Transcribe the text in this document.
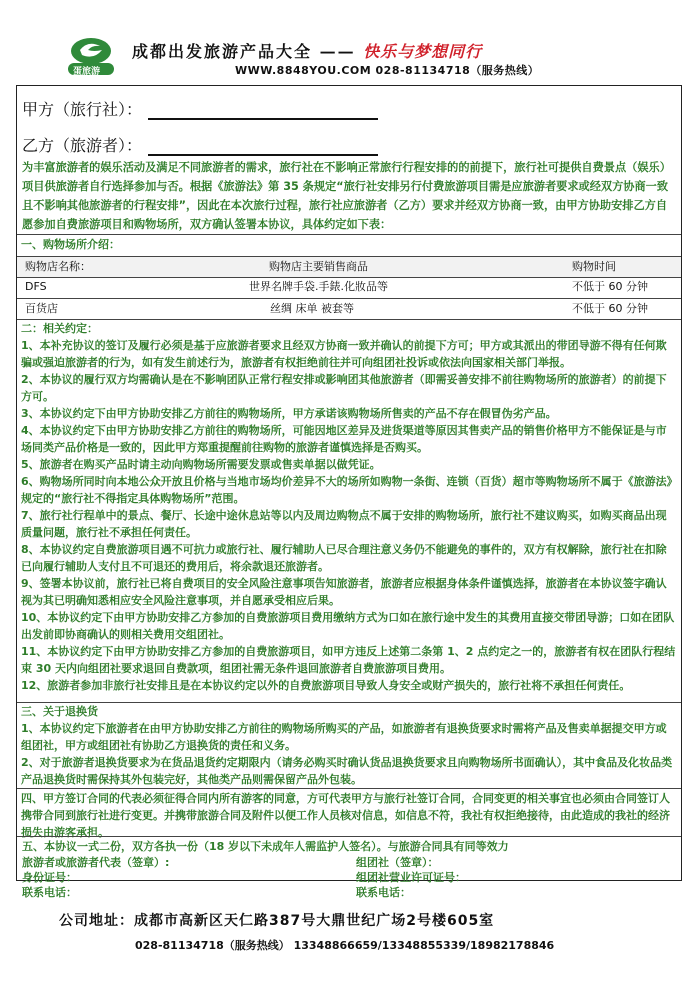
蛋旅游
成都出发旅游产品大全 —— 快乐与梦想同行
WWW.8848YOU.COM 028-81134718（服务热线）
甲方（旅行社）：
乙方（旅游者）：
为丰富旅游者的娱乐活动及满足不同旅游者的需求，旅行社在不影响正常旅行行程安排的的前提下，旅行社可提供自费景点（娱乐）项目供旅游者自行选择参加与否。根据《旅游法》第 35 条规定“旅行社安排另行付费旅游项目需是应旅游者要求或经双方协商一致且不影响其他旅游者的行程安排”，因此在本次旅行过程，旅行社应旅游者（乙方）要求并经双方协商一致，由甲方协助安排乙方自愿参加自费旅游项目和购物场所，双方确认签署本协议，具体约定如下表：
一、购物场所介绍：
购物店名称：	购物店主要销售商品	购物时间
DFS	世界名牌手袋.手錶.化妝品等	不低于 60 分钟
百货店	丝绸 床单 被套等	不低于 60 分钟
二：相关约定：
1、本补充协议的签订及履行必须是基于应旅游者要求且经双方协商一致并确认的前提下方可；甲方或其派出的带团导游不得有任何欺骗或强迫旅游者的行为，如有发生前述行为，旅游者有权拒绝前往并可向组团社投诉或依法向国家相关部门举报。
2、本协议的履行双方均需确认是在不影响团队正常行程安排或影响团其他旅游者（即需妥善安排不前往购物场所的旅游者）的前提下方可。
3、本协议约定下由甲方协助安排乙方前往的购物场所，甲方承诺该购物场所售卖的产品不存在假冒伪劣产品。
4、本协议约定下由甲方协助安排乙方前往的购物场所，可能因地区差异及进货渠道等原因其售卖产品的销售价格甲方不能保证是与市场同类产品价格是一致的，因此甲方郑重提醒前往购物的旅游者谨慎选择是否购买。
5、旅游者在购买产品时请主动向购物场所需要发票或售卖单据以做凭证。
6、购物场所同时向本地公众开放且价格与当地市场均价差异不大的场所如购物一条街、连锁（百货）超市等购物场所不属于《旅游法》规定的“旅行社不得指定具体购物场所”范围。
7、旅行社行程单中的景点、餐厅、长途中途休息站等以内及周边购物点不属于安排的购物场所，旅行社不建议购买，如购买商品出现质量问题，旅行社不承担任何责任。
8、本协议约定自费旅游项目遇不可抗力或旅行社、履行辅助人已尽合理注意义务仍不能避免的事件的，双方有权解除，旅行社在扣除已向履行辅助人支付且不可退还的费用后，将余款退还旅游者。
9、签署本协议前，旅行社已将自费项目的安全风险注意事项告知旅游者，旅游者应根据身体条件谨慎选择，旅游者在本协议签字确认视为其已明确知悉相应安全风险注意事项，并自愿承受相应后果。
10、本协议约定下由甲方协助安排乙方参加的自费旅游项目费用缴纳方式为口如在旅行途中发生的其费用直接交带团导游；口如在团队出发前即协商确认的则相关费用交组团社。
11、本协议约定下由甲方协助安排乙方参加的自费旅游项目，如甲方违反上述第二条第 1、2 点约定之一的，旅游者有权在团队行程结束 30 天内向组团社要求退回自费款项，组团社需无条件退回旅游者自费旅游项目费用。
12、旅游者参加非旅行社安排且是在本协议约定以外的自费旅游项目导致人身安全或财产损失的，旅行社将不承担任何责任。
三、关于退换货
1、本协议约定下旅游者在由甲方协助安排乙方前往的购物场所购买的产品，如旅游者有退换货要求时需将产品及售卖单据提交甲方或组团社，甲方或组团社有协助乙方退换货的责任和义务。
2、对于旅游者退换货要求为在货品退货约定期限内（请务必购买时确认货品退换货要求且向购物场所书面确认），其中食品及化妆品类产品退换货时需保持其外包装完好，其他类产品则需保留产品外包装。
四、甲方签订合同的代表必须征得合同内所有游客的同意，方可代表甲方与旅行社签订合同，合同变更的相关事宜也必须由合同签订人携带合同到旅行社进行变更。并携带旅游合同及附件以便工作人员核对信息，如信息不符，我社有权拒绝接待，由此造成的我社的经济损失由游客承担。
五、本协议一式二份，双方各执一份（18 岁以下未成年人需监护人签名）。与旅游合同具有同等效力
旅游者或旅游者代表（签章）:
身份证号：
联系电话：
组团社（签章）：
组团社营业许可证号：
联系电话：
公司地址：成都市高新区天仁路387号大鼎世纪广场2号楼605室
028-81134718（服务热线） 13348866659/13348855339/18982178846
